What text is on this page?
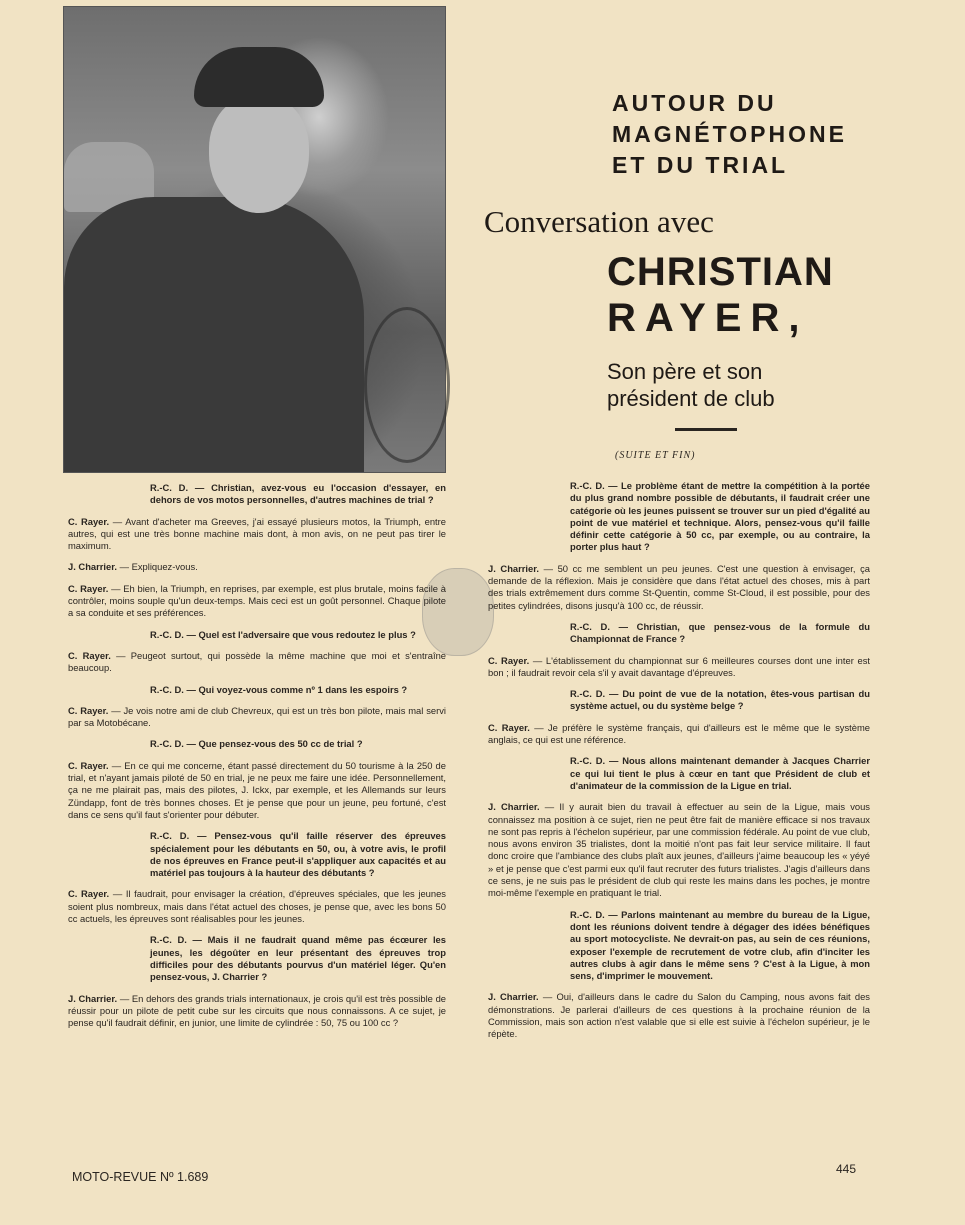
AUTOUR DU
MAGNÉTOPHONE
ET DU TRIAL
Conversation avec
CHRISTIAN
RAYER,
Son père et son
président de club
(SUITE ET FIN)

R.-C. D. — Christian, avez-vous eu l'occasion d'essayer, en dehors de vos motos personnelles, d'autres machines de trial ?

C. Rayer. — Avant d'acheter ma Greeves, j'ai essayé plusieurs motos, la Triumph, entre autres, qui est une très bonne machine mais dont, à mon avis, on ne peut pas tirer le maximum.

J. Charrier. — Expliquez-vous.

C. Rayer. — Eh bien, la Triumph, en reprises, par exemple, est plus brutale, moins facile à contrôler, moins souple qu'un deux-temps. Mais ceci est un goût personnel. Chaque pilote a sa conduite et ses préférences.

R.-C. D. — Quel est l'adversaire que vous redoutez le plus ?

C. Rayer. — Peugeot surtout, qui possède la même machine que moi et s'entraîne beaucoup.

R.-C. D. — Qui voyez-vous comme nº 1 dans les espoirs ?

C. Rayer. — Je vois notre ami de club Chevreux, qui est un très bon pilote, mais mal servi par sa Motobécane.

R.-C. D. — Que pensez-vous des 50 cc de trial ?

C. Rayer. — En ce qui me concerne, étant passé directement du 50 tourisme à la 250 de trial, et n'ayant jamais piloté de 50 en trial, je ne peux me faire une idée. Personnellement, ça ne me plairait pas, mais des pilotes, J. Ickx, par exemple, et les Allemands sur leurs Zündapp, font de très bonnes choses. Et je pense que pour un jeune, peu fortuné, c'est dans ce sens qu'il faut s'orienter pour débuter.

R.-C. D. — Pensez-vous qu'il faille réserver des épreuves spécialement pour les débutants en 50, ou, à votre avis, le profil de nos épreuves en France peut-il s'appliquer aux capacités et au matériel pas toujours à la hauteur des débutants ?

C. Rayer. — Il faudrait, pour envisager la création, d'épreuves spéciales, que les jeunes soient plus nombreux, mais dans l'état actuel des choses, je pense que, avec les bons 50 cc actuels, les épreuves sont réalisables pour les jeunes.

R.-C. D. — Mais il ne faudrait quand même pas écœurer les jeunes, les dégoûter en leur présentant des épreuves trop difficiles pour des débutants pourvus d'un matériel léger. Qu'en pensez-vous, J. Charrier ?

J. Charrier. — En dehors des grands trials internationaux, je crois qu'il est très possible de réussir pour un pilote de petit cube sur les circuits que nous connaissons. A ce sujet, je pense qu'il faudrait définir, en junior, une limite de cylindrée : 50, 75 ou 100 cc ?

R.-C. D. — Le problème étant de mettre la compétition à la portée du plus grand nombre possible de débutants, il faudrait créer une catégorie où les jeunes puissent se trouver sur un pied d'égalité au point de vue matériel et technique. Alors, pensez-vous qu'il faille définir cette catégorie à 50 cc, par exemple, ou au contraire, la porter plus haut ?

J. Charrier. — 50 cc me semblent un peu jeunes. C'est une question à envisager, ça demande de la réflexion. Mais je considère que dans l'état actuel des choses, mis à part des trials extrêmement durs comme St-Quentin, comme St-Cloud, il est possible, pour des petites cylindrées, disons jusqu'à 100 cc, de réussir.

R.-C. D. — Christian, que pensez-vous de la formule du Championnat de France ?

C. Rayer. — L'établissement du championnat sur 6 meilleures courses dont une inter est bon ; il faudrait revoir cela s'il y avait davantage d'épreuves.

R.-C. D. — Du point de vue de la notation, êtes-vous partisan du système actuel, ou du système belge ?

C. Rayer. — Je préfère le système français, qui d'ailleurs est le même que le système anglais, ce qui est une référence.

R.-C. D. — Nous allons maintenant demander à Jacques Charrier ce qui lui tient le plus à cœur en tant que Président de club et d'animateur de la commission de la Ligue en trial.

J. Charrier. — Il y aurait bien du travail à effectuer au sein de la Ligue, mais vous connaissez ma position à ce sujet, rien ne peut être fait de manière efficace si nos travaux ne sont pas repris à l'échelon supérieur, par une commission fédérale. Au point de vue club, nous avons environ 35 trialistes, dont la moitié n'ont pas fait leur service militaire. Il faut donc croire que l'ambiance des clubs plaît aux jeunes, d'ailleurs j'aime beaucoup les « yéyé » et je pense que c'est parmi eux qu'il faut recruter des futurs trialistes. J'agis d'ailleurs dans ce sens, je ne suis pas le président de club qui reste les mains dans les poches, je montre moi-même l'exemple en pratiquant le trial.

R.-C. D. — Parlons maintenant au membre du bureau de la Ligue, dont les réunions doivent tendre à dégager des idées bénéfiques au sport motocycliste. Ne devrait-on pas, au sein de ces réunions, exposer l'exemple de recrutement de votre club, afin d'inciter les autres clubs à agir dans le même sens ? C'est à la Ligue, à mon sens, d'imprimer le mouvement.

J. Charrier. — Oui, d'ailleurs dans le cadre du Salon du Camping, nous avons fait des démonstrations. Je parlerai d'ailleurs de ces questions à la prochaine réunion de la Commission, mais son action n'est valable que si elle est suivie à l'échelon supérieur, je le répète.

MOTO-REVUE Nº 1.689
445
